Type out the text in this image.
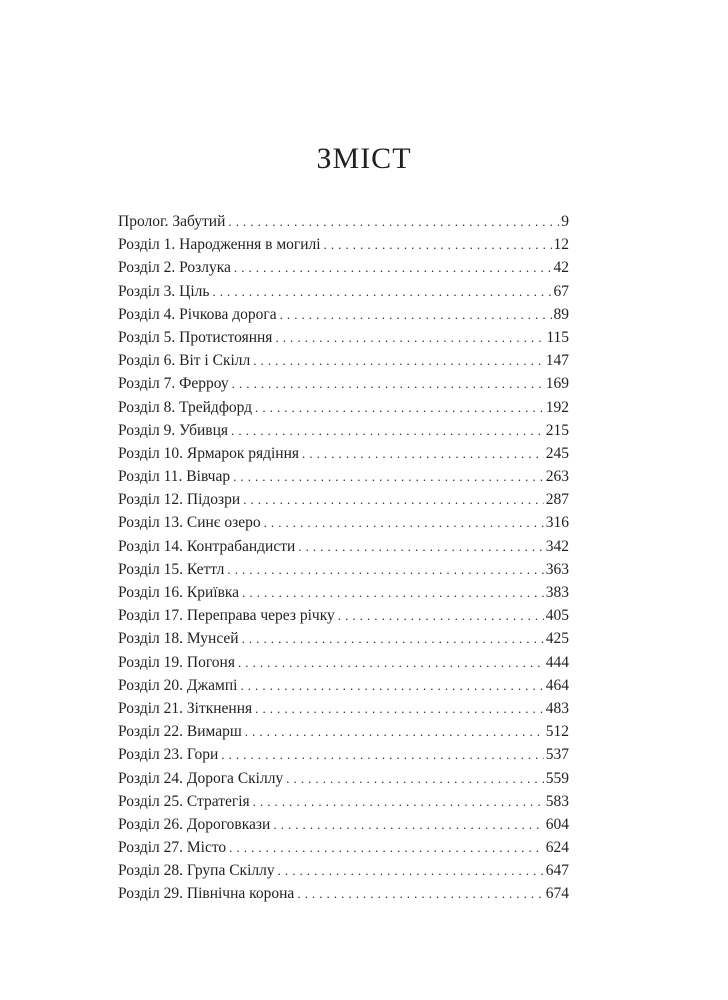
ЗМІСТ
Пролог. Забутий . . .	9
Розділ 1. Народження в могилі . . .	12
Розділ 2. Розлука . . .	42
Розділ 3. Ціль . . .	67
Розділ 4. Річкова дорога . . .	89
Розділ 5. Протистояння . . .	115
Розділ 6. Віт і Скілл . . .	147
Розділ 7. Ферроу . . .	169
Розділ 8. Трейдфорд . . .	192
Розділ 9. Убивця . . .	215
Розділ 10. Ярмарок рядіння . . .	245
Розділ 11. Вівчар . . .	263
Розділ 12. Підозри . . .	287
Розділ 13. Синє озеро . . .	316
Розділ 14. Контрабандисти . . .	342
Розділ 15. Кеттл . . .	363
Розділ 16. Криївка . . .	383
Розділ 17. Переправа через річку . . .	405
Розділ 18. Мунсей . . .	425
Розділ 19. Погоня . . .	444
Розділ 20. Джампі . . .	464
Розділ 21. Зіткнення . . .	483
Розділ 22. Вимарш . . .	512
Розділ 23. Гори . . .	537
Розділ 24. Дорога Скіллу . . .	559
Розділ 25. Стратегія . . .	583
Розділ 26. Дороговкази . . .	604
Розділ 27. Місто . . .	624
Розділ 28. Група Скіллу . . .	647
Розділ 29. Північна корона . . .	674
